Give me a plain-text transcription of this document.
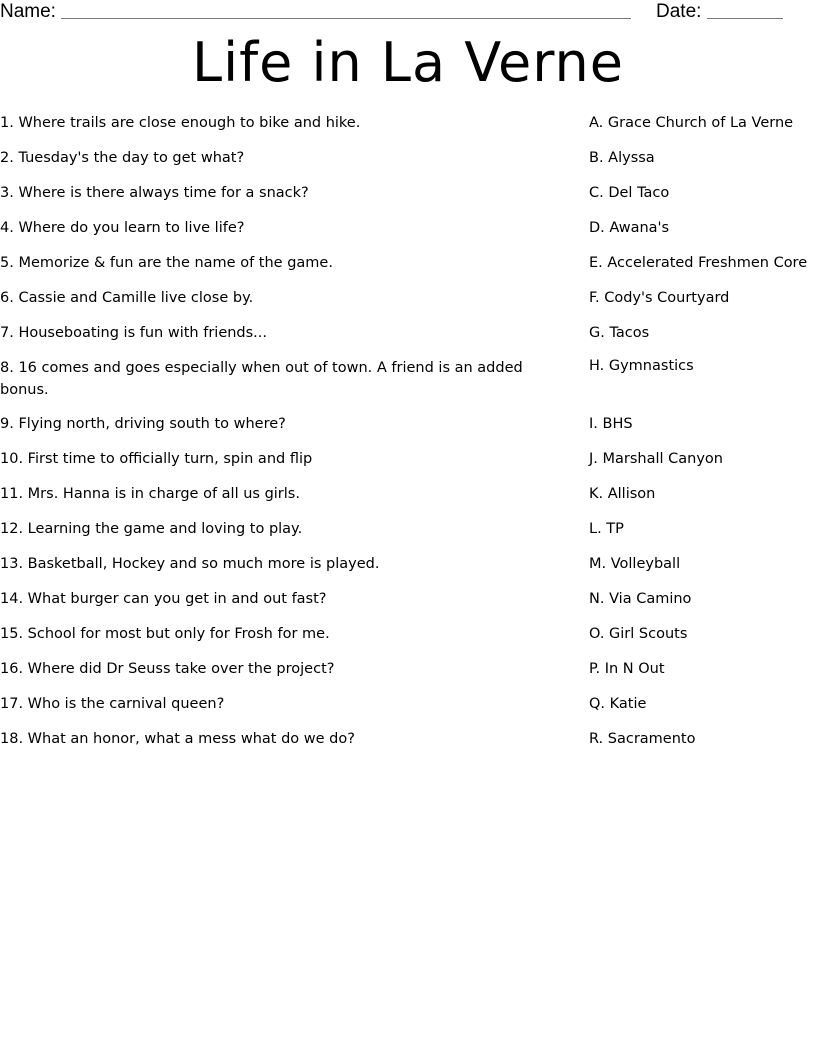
Name:	Date:
Life in La Verne
1. Where trails are close enough to bike and hike.
2. Tuesday's the day to get what?
3. Where is there always time for a snack?
4. Where do you learn to live life?
5. Memorize & fun are the name of the game.
6. Cassie and Camille live close by.
7. Houseboating is fun with friends...
8. 16 comes and goes especially when out of town. A friend is an added bonus.
9. Flying north, driving south to where?
10. First time to officially turn, spin and flip
11. Mrs. Hanna is in charge of all us girls.
12. Learning the game and loving to play.
13. Basketball, Hockey and so much more is played.
14. What burger can you get in and out fast?
15. School for most but only for Frosh for me.
16. Where did Dr Seuss take over the project?
17. Who is the carnival queen?
18. What an honor, what a mess what do we do?
A. Grace Church of La Verne
B. Alyssa
C. Del Taco
D. Awana's
E. Accelerated Freshmen Core
F. Cody's Courtyard
G. Tacos
H. Gymnastics
I. BHS
J. Marshall Canyon
K. Allison
L. TP
M. Volleyball
N. Via Camino
O. Girl Scouts
P. In N Out
Q. Katie
R. Sacramento
